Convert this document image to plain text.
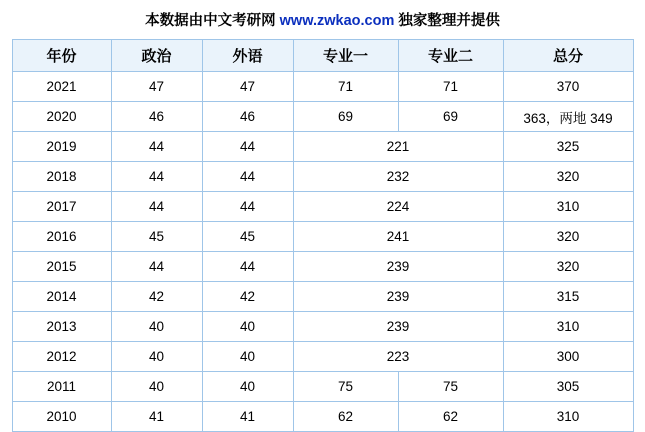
本数据由中文考研网 www.zwkao.com 独家整理并提供
年份	政治	外语	专业一	专业二	总分
2021	47	47	71	71	370
2020	46	46	69	69	363，两地 349
2019	44	44	221		325
2018	44	44	232		320
2017	44	44	224		310
2016	45	45	241		320
2015	44	44	239		320
2014	42	42	239		315
2013	40	40	239		310
2012	40	40	223		300
2011	40	40	75	75	305
2010	41	41	62	62	310
